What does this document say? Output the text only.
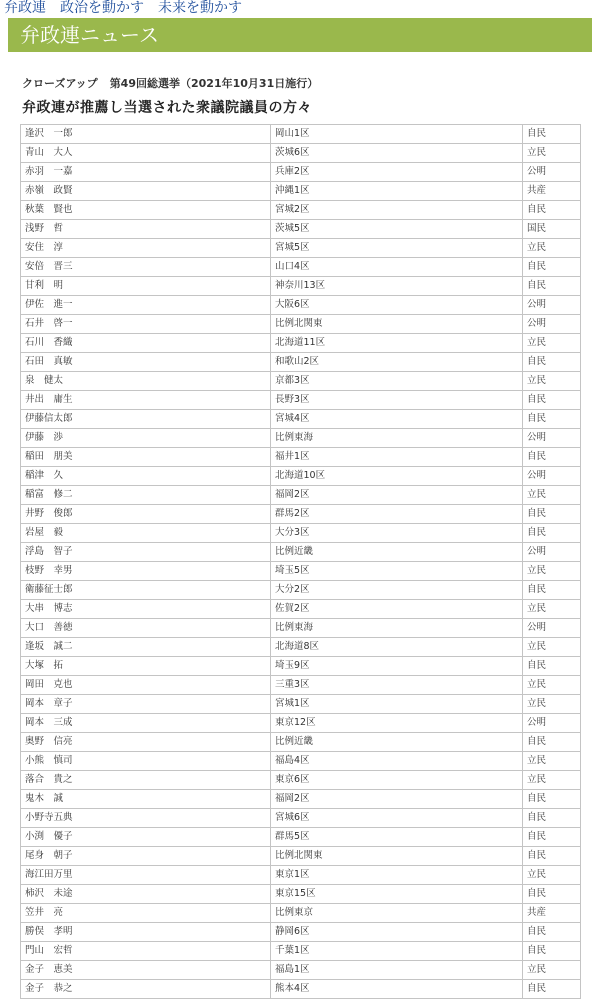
弁政連　 政治を動かす　未来を動かす
弁政連ニュース
クローズアップ 第49回総選挙（2021年10月31日施行）
弁政連が推薦し当選された衆議院議員の方々
逢沢　一郎	岡山1区	自民
青山　大人	茨城6区	立民
赤羽　一嘉	兵庫2区	公明
赤嶺　政賢	沖縄1区	共産
秋葉　賢也	宮城2区	自民
浅野　哲	茨城5区	国民
安住　淳	宮城5区	立民
安倍　晋三	山口4区	自民
甘利　明	神奈川13区	自民
伊佐　進一	大阪6区	公明
石井　啓一	比例北関東	公明
石川　香織	北海道11区	立民
石田　真敏	和歌山2区	自民
泉　健太	京都3区	立民
井出　庸生	長野3区	自民
伊藤信太郎	宮城4区	自民
伊藤　渉	比例東海	公明
稲田　朋美	福井1区	自民
稲津　久	北海道10区	公明
稲富　修二	福岡2区	立民
井野　俊郎	群馬2区	自民
岩屋　毅	大分3区	自民
浮島　智子	比例近畿	公明
枝野　幸男	埼玉5区	立民
衛藤征士郎	大分2区	自民
大串　博志	佐賀2区	立民
大口　善徳	比例東海	公明
逢坂　誠二	北海道8区	立民
大塚　拓	埼玉9区	自民
岡田　克也	三重3区	立民
岡本　章子	宮城1区	立民
岡本　三成	東京12区	公明
奥野　信亮	比例近畿	自民
小熊　慎司	福島4区	立民
落合　貴之	東京6区	立民
鬼木　誠	福岡2区	自民
小野寺五典	宮城6区	自民
小渕　優子	群馬5区	自民
尾身　朝子	比例北関東	自民
海江田万里	東京1区	立民
柿沢　未途	東京15区	自民
笠井　亮	比例東京	共産
勝俣　孝明	静岡6区	自民
門山　宏哲	千葉1区	自民
金子　恵美	福島1区	立民
金子　恭之	熊本4区	自民
